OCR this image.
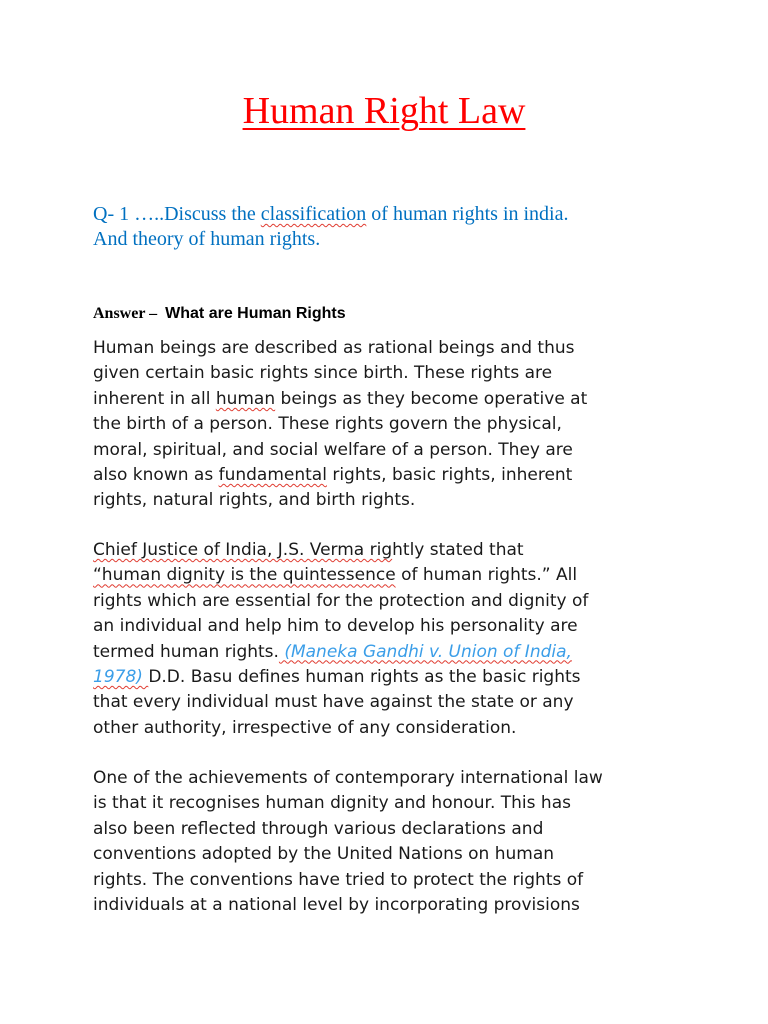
Human Right Law

Q- 1 …..Discuss the classification of human rights in india.
And theory of human rights.

Answer – What are Human Rights

Human beings are described as rational beings and thus
given certain basic rights since birth. These rights are
inherent in all human beings as they become operative at
the birth of a person. These rights govern the physical,
moral, spiritual, and social welfare of a person. They are
also known as fundamental rights, basic rights, inherent
rights, natural rights, and birth rights.

Chief Justice of India, J.S. Verma rightly stated that
“human dignity is the quintessence of human rights.” All
rights which are essential for the protection and dignity of
an individual and help him to develop his personality are
termed human rights. (Maneka Gandhi v. Union of India,
1978) D.D. Basu defines human rights as the basic rights
that every individual must have against the state or any
other authority, irrespective of any consideration.

One of the achievements of contemporary international law
is that it recognises human dignity and honour. This has
also been reflected through various declarations and
conventions adopted by the United Nations on human
rights. The conventions have tried to protect the rights of
individuals at a national level by incorporating provisions
